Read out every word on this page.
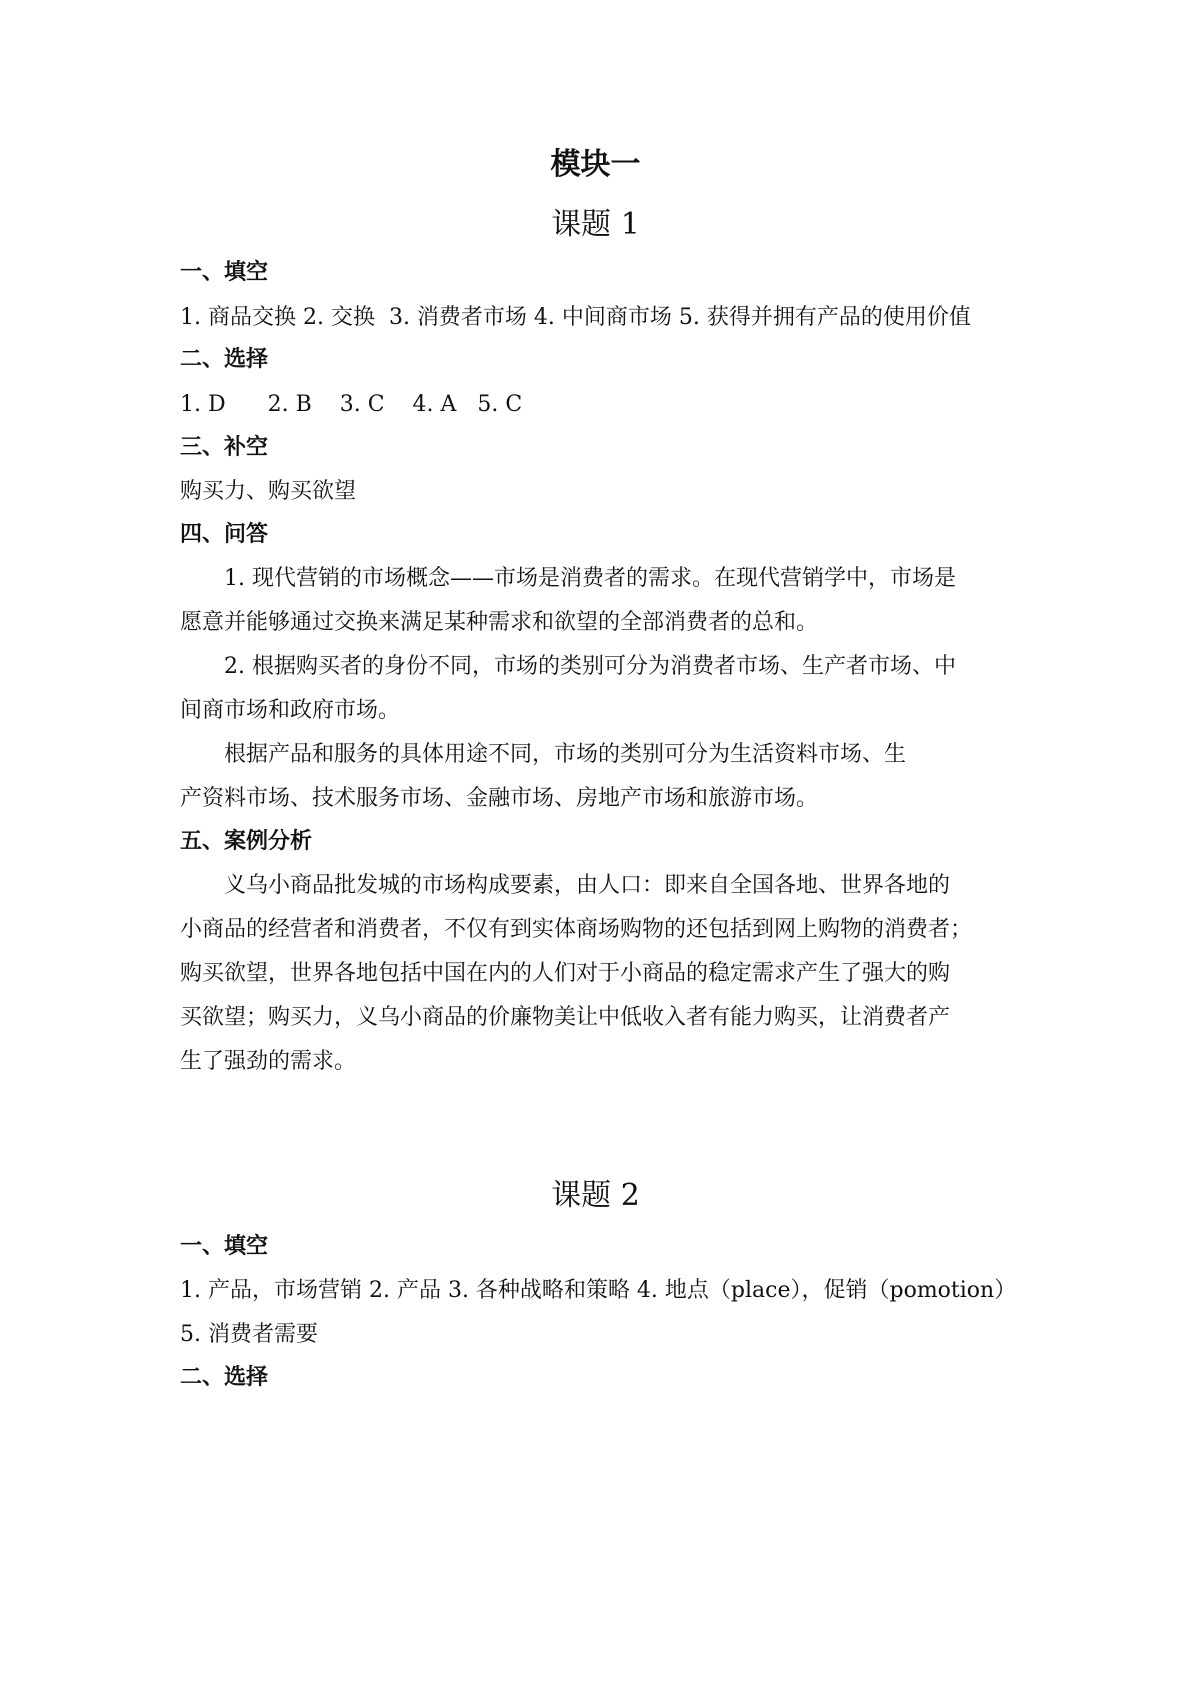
模块一
课题 1
一、填空
1. 商品交换 2. 交换  3. 消费者市场 4. 中间商市场 5. 获得并拥有产品的使用价值
二、选择
1. D      2. B    3. C    4. A   5. C
三、补空
购买力、购买欲望
四、问答
1. 现代营销的市场概念——市场是消费者的需求。在现代营销学中，市场是
愿意并能够通过交换来满足某种需求和欲望的全部消费者的总和。
2. 根据购买者的身份不同，市场的类别可分为消费者市场、生产者市场、中
间商市场和政府市场。
根据产品和服务的具体用途不同，市场的类别可分为生活资料市场、生
产资料市场、技术服务市场、金融市场、房地产市场和旅游市场。
五、案例分析
义乌小商品批发城的市场构成要素，由人口：即来自全国各地、世界各地的
小商品的经营者和消费者，不仅有到实体商场购物的还包括到网上购物的消费者；
购买欲望，世界各地包括中国在内的人们对于小商品的稳定需求产生了强大的购
买欲望；购买力，义乌小商品的价廉物美让中低收入者有能力购买，让消费者产
生了强劲的需求。
课题 2
一、填空
1. 产品，市场营销 2. 产品 3. 各种战略和策略 4. 地点（place），促销（pomotion）
5. 消费者需要
二、选择
